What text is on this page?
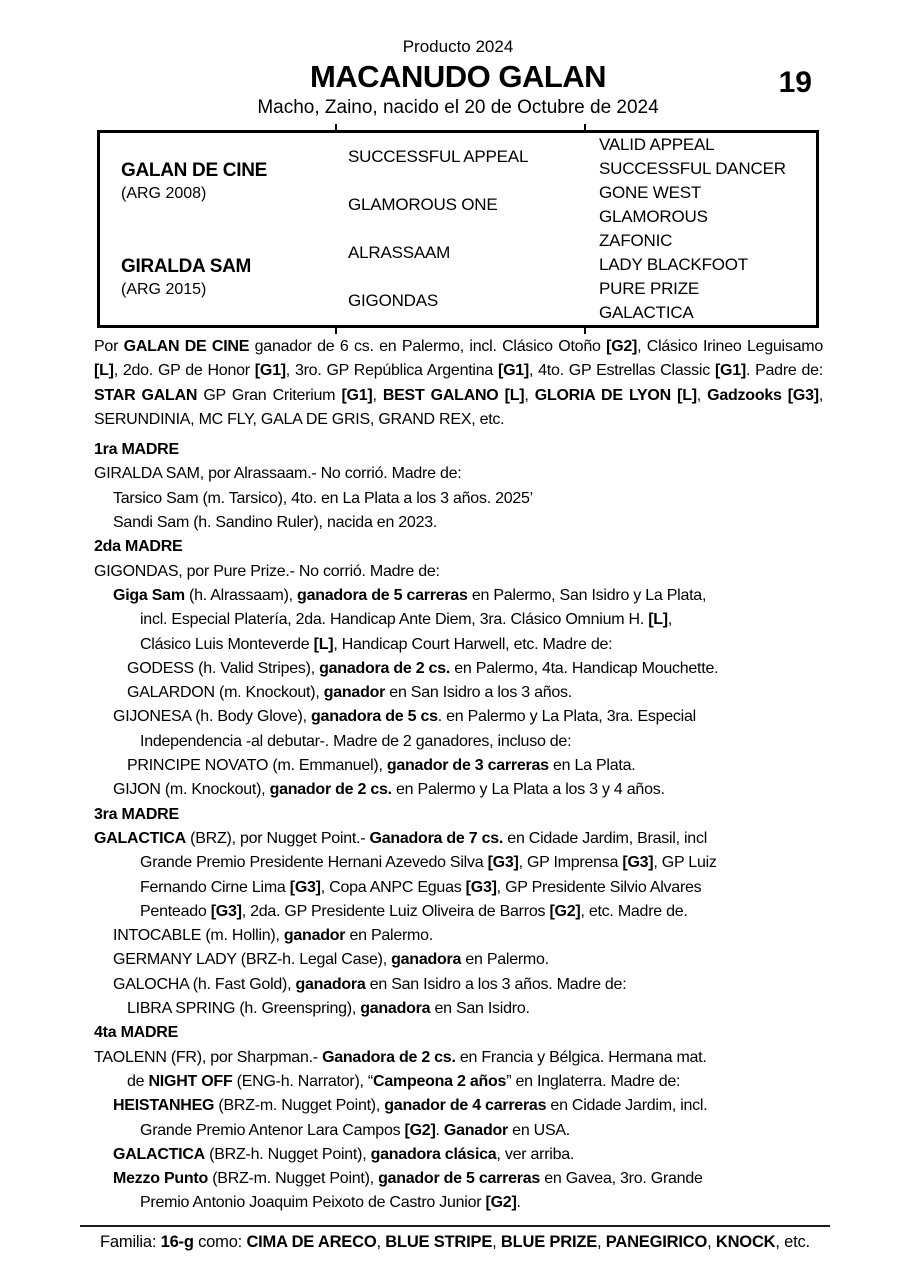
Producto 2024
MACANUDO GALAN	19
Macho, Zaino, nacido el 20 de Octubre de 2024
GALAN DE CINE
(ARG 2008)
GIRALDA SAM
(ARG 2015)
SUCCESSFUL APPEAL
GLAMOROUS ONE
ALRASSAAM
GIGONDAS
VALID APPEAL
SUCCESSFUL DANCER
GONE WEST
GLAMOROUS
ZAFONIC
LADY BLACKFOOT
PURE PRIZE
GALACTICA

Por GALAN DE CINE ganador de 6 cs. en Palermo, incl. Clásico Otoño [G2], Clásico Irineo Leguisamo [L], 2do. GP de Honor [G1], 3ro. GP República Argentina [G1], 4to. GP Estrellas Classic [G1]. Padre de: STAR GALAN GP Gran Criterium [G1], BEST GALANO [L], GLORIA DE LYON [L], Gadzooks [G3], SERUNDINIA, MC FLY, GALA DE GRIS, GRAND REX, etc.

1ra MADRE
GIRALDA SAM, por Alrassaam.- No corrió. Madre de:
Tarsico Sam (m. Tarsico), 4to. en La Plata a los 3 años. 2025’
Sandi Sam (h. Sandino Ruler), nacida en 2023.
2da MADRE
GIGONDAS, por Pure Prize.- No corrió. Madre de:
Giga Sam (h. Alrassaam), ganadora de 5 carreras en Palermo, San Isidro y La Plata,
incl. Especial Platería, 2da. Handicap Ante Diem, 3ra. Clásico Omnium H. [L],
Clásico Luis Monteverde [L], Handicap Court Harwell, etc. Madre de:
GODESS (h. Valid Stripes), ganadora de 2 cs. en Palermo, 4ta. Handicap Mouchette.
GALARDON (m. Knockout), ganador en San Isidro a los 3 años.
GIJONESA (h. Body Glove), ganadora de 5 cs. en Palermo y La Plata, 3ra. Especial
Independencia -al debutar-. Madre de 2 ganadores, incluso de:
PRINCIPE NOVATO (m. Emmanuel), ganador de 3 carreras en La Plata.
GIJON (m. Knockout), ganador de 2 cs. en Palermo y La Plata a los 3 y 4 años.
3ra MADRE
GALACTICA (BRZ), por Nugget Point.- Ganadora de 7 cs. en Cidade Jardim, Brasil, incl
Grande Premio Presidente Hernani Azevedo Silva [G3], GP Imprensa [G3], GP Luiz
Fernando Cirne Lima [G3], Copa ANPC Eguas [G3], GP Presidente Silvio Alvares
Penteado [G3], 2da. GP Presidente Luiz Oliveira de Barros [G2], etc. Madre de.
INTOCABLE (m. Hollin), ganador en Palermo.
GERMANY LADY (BRZ-h. Legal Case), ganadora en Palermo.
GALOCHA (h. Fast Gold), ganadora en San Isidro a los 3 años. Madre de:
LIBRA SPRING (h. Greenspring), ganadora en San Isidro.
4ta MADRE
TAOLENN (FR), por Sharpman.- Ganadora de 2 cs. en Francia y Bélgica. Hermana mat.
de NIGHT OFF (ENG-h. Narrator), “Campeona 2 años” en Inglaterra. Madre de:
HEISTANHEG (BRZ-m. Nugget Point), ganador de 4 carreras en Cidade Jardim, incl.
Grande Premio Antenor Lara Campos [G2]. Ganador en USA.
GALACTICA (BRZ-h. Nugget Point), ganadora clásica, ver arriba.
Mezzo Punto (BRZ-m. Nugget Point), ganador de 5 carreras en Gavea, 3ro. Grande
Premio Antonio Joaquim Peixoto de Castro Junior [G2].
Familia: 16-g como: CIMA DE ARECO, BLUE STRIPE, BLUE PRIZE, PANEGIRICO, KNOCK, etc.
